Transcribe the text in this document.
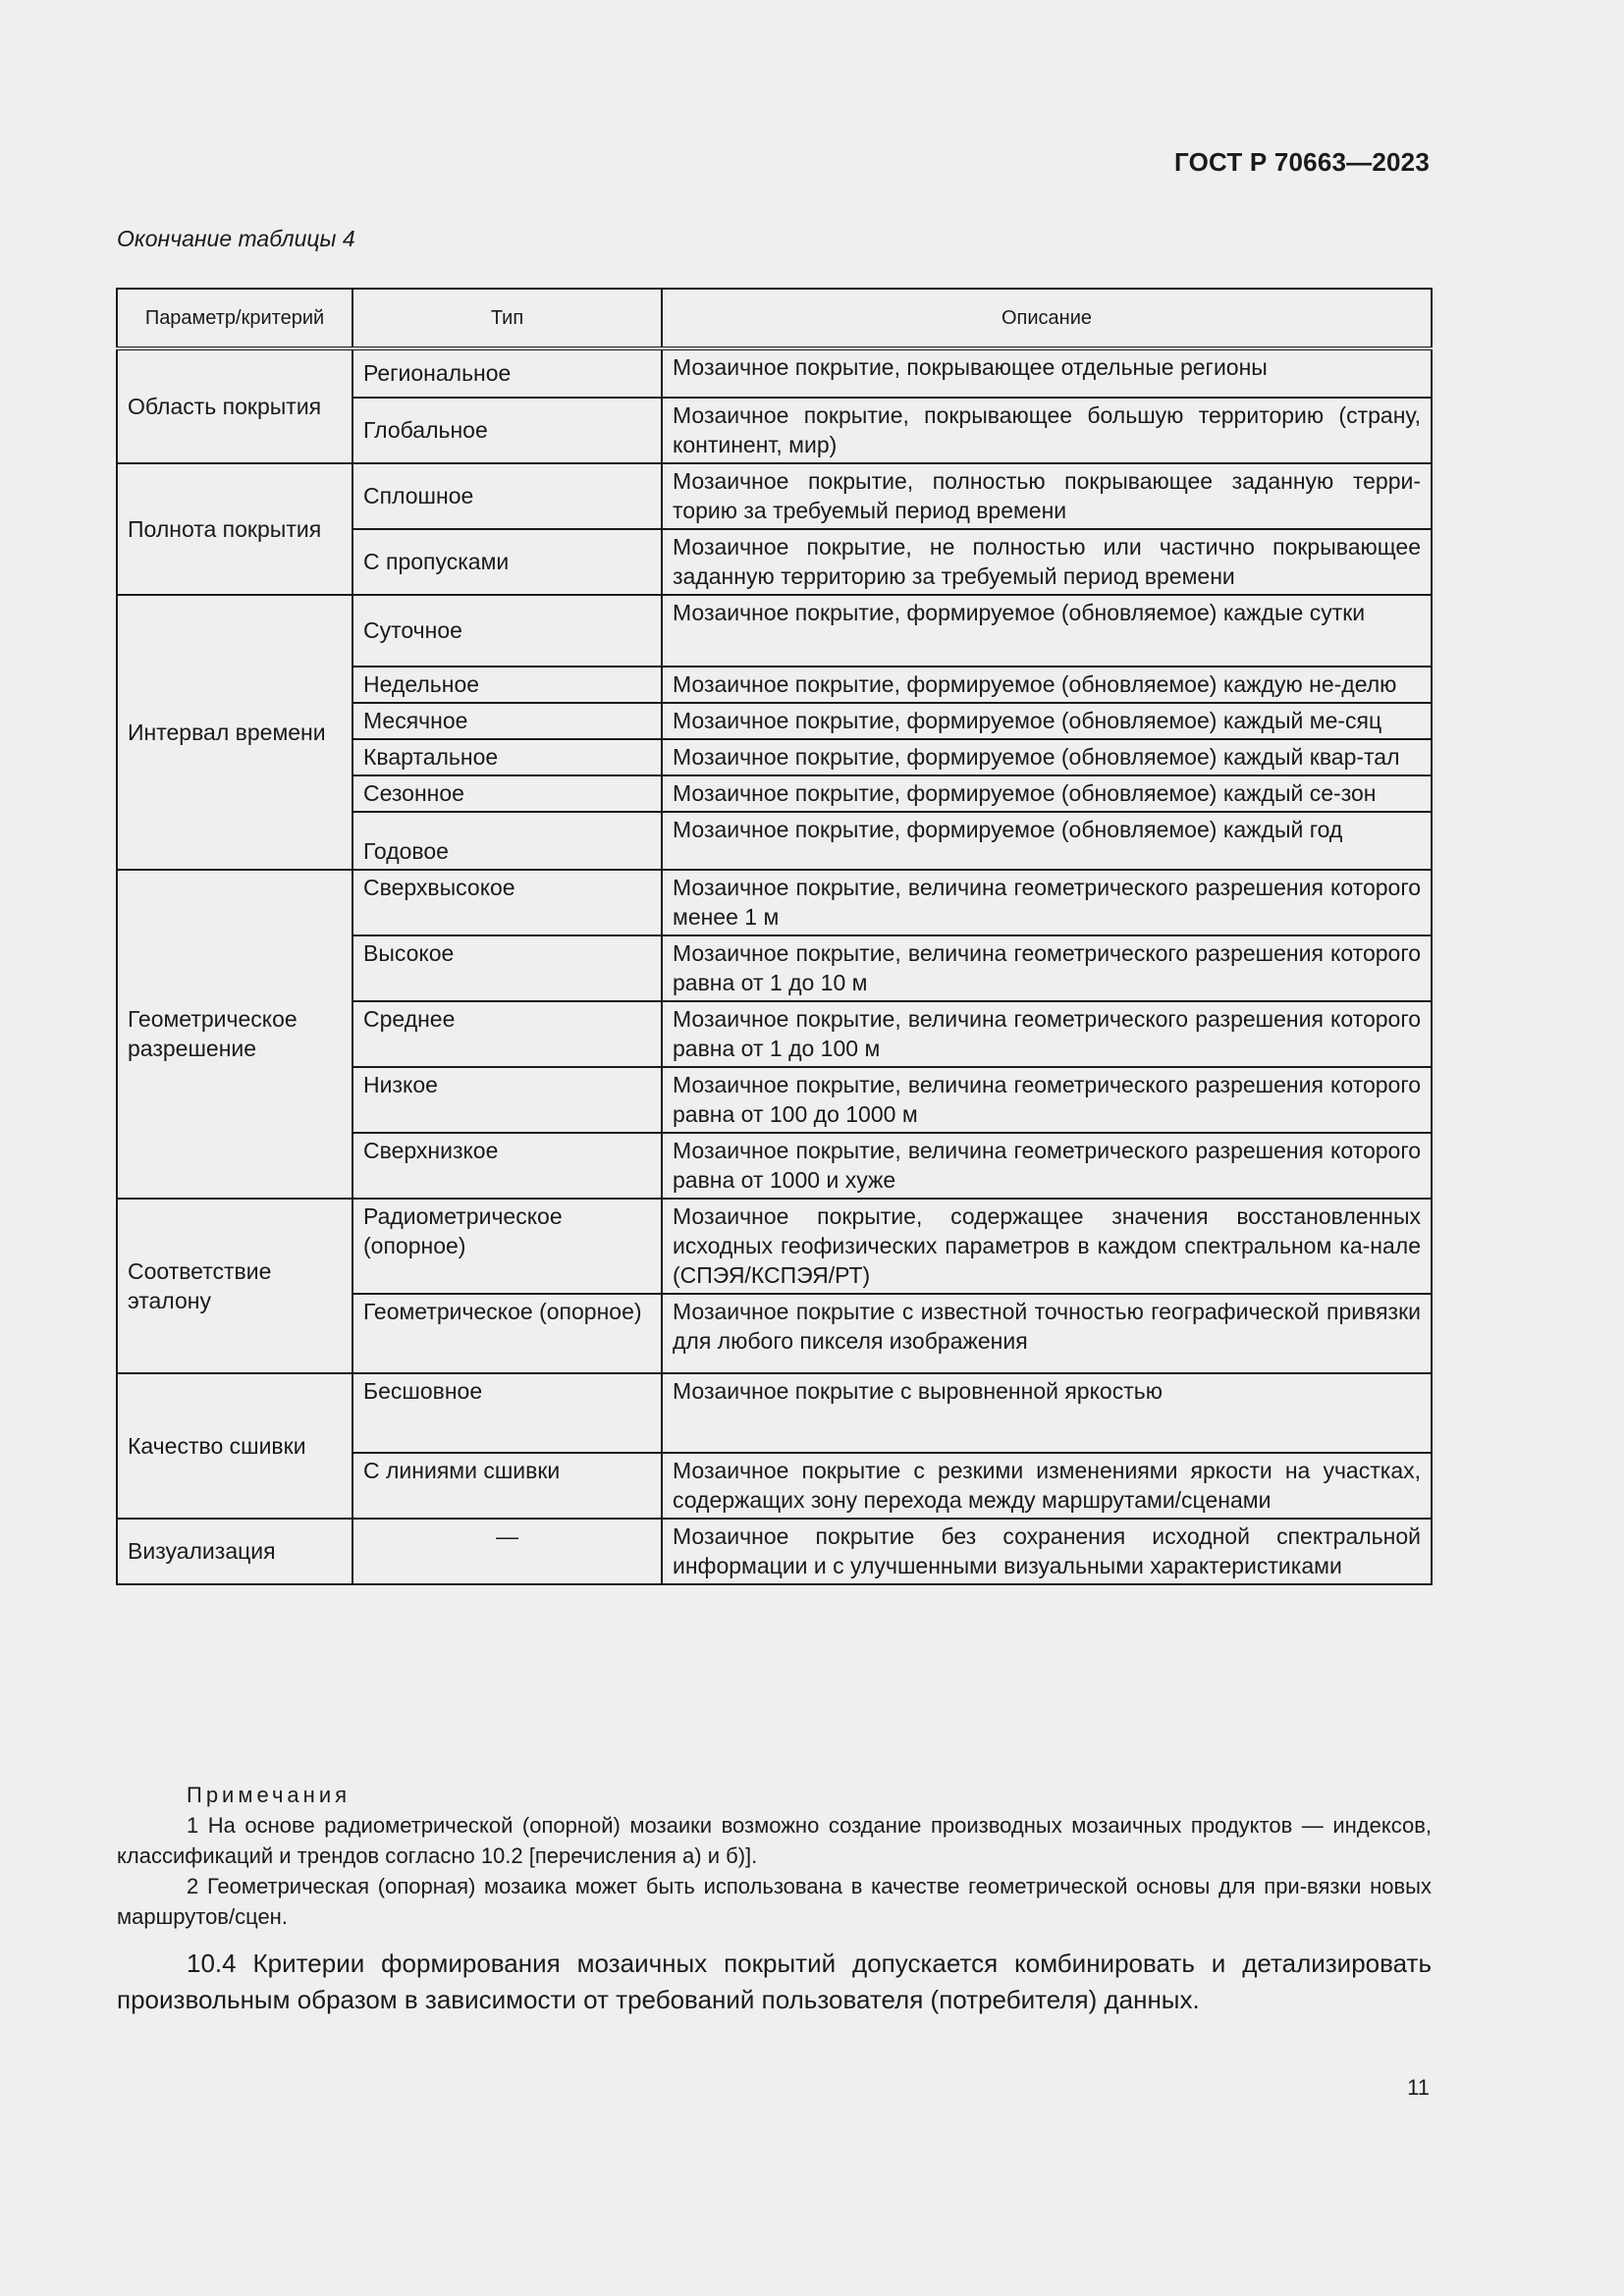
ГОСТ Р 70663—2023
Окончание таблицы 4
Параметр/критерий	Тип	Описание
Область покрытия	Региональное	Мозаичное покрытие, покрывающее отдельные регионы
	Глобальное	Мозаичное покрытие, покрывающее большую территорию (страну, континент, мир)
Полнота покрытия	Сплошное	Мозаичное покрытие, полностью покрывающее заданную терри-торию за требуемый период времени
	С пропусками	Мозаичное покрытие, не полностью или частично покрывающее заданную территорию за требуемый период времени
Интервал времени	Суточное	Мозаичное покрытие, формируемое (обновляемое) каждые сутки
	Недельное	Мозаичное покрытие, формируемое (обновляемое) каждую не-делю
	Месячное	Мозаичное покрытие, формируемое (обновляемое) каждый ме-сяц
	Квартальное	Мозаичное покрытие, формируемое (обновляемое) каждый квар-тал
	Сезонное	Мозаичное покрытие, формируемое (обновляемое) каждый се-зон
	Годовое	Мозаичное покрытие, формируемое (обновляемое) каждый год
Геометрическое разрешение	Сверхвысокое	Мозаичное покрытие, величина геометрического разрешения которого менее 1 м
	Высокое	Мозаичное покрытие, величина геометрического разрешения которого равна от 1 до 10 м
	Среднее	Мозаичное покрытие, величина геометрического разрешения которого равна от 1 до 100 м
	Низкое	Мозаичное покрытие, величина геометрического разрешения которого равна от 100 до 1000 м
	Сверхнизкое	Мозаичное покрытие, величина геометрического разрешения которого равна от 1000 и хуже
Соответствие эталону	Радиометрическое (опорное)	Мозаичное покрытие, содержащее значения восстановленных исходных геофизических параметров в каждом спектральном ка-нале (СПЭЯ/КСПЭЯ/РТ)
	Геометрическое (опорное)	Мозаичное покрытие с известной точностью географической привязки для любого пикселя изображения
Качество сшивки	Бесшовное	Мозаичное покрытие с выровненной яркостью
	С линиями сшивки	Мозаичное покрытие с резкими изменениями яркости на участках, содержащих зону перехода между маршрутами/сценами
Визуализация	—	Мозаичное покрытие без сохранения исходной спектральной информации и с улучшенными визуальными характеристиками
Примечания

1 На основе радиометрической (опорной) мозаики возможно создание производных мозаичных продуктов — индексов, классификаций и трендов согласно 10.2 [перечисления а) и б)].

2 Геометрическая (опорная) мозаика может быть использована в качестве геометрической основы для при-вязки новых маршрутов/сцен.

10.4 Критерии формирования мозаичных покрытий допускается комбинировать и детализировать произвольным образом в зависимости от требований пользователя (потребителя) данных.

11
